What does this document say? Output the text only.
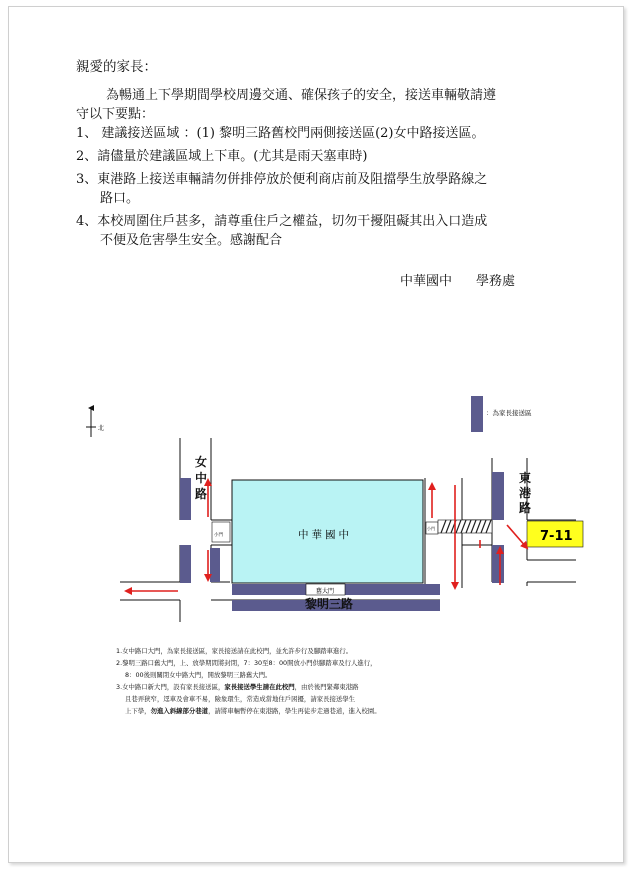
親愛的家長：
為暢通上下學期間學校周邊交通、確保孩子的安全，接送車輛敬請遵
守以下要點：
1、 建議接送區域 ：(1) 黎明三路舊校門兩側接送區(2)女中路接送區。
2、請儘量於建議區域上下車。(尤其是雨天塞車時)
3、東港路上接送車輛請勿併排停放於便利商店前及阻擋學生放學路線之
路口。
4、本校周圍住戶甚多，請尊重住戶之權益，切勿干擾阻礙其出入口造成
不便及危害學生安全。感謝配合
中華國中 學務處
北
：為家長接送區
中華國中
舊大門
小門
小門
7-11
女
中
路
東
港
路
黎明三路
1.女中路口大門，為家長接送區，家長接送請在此校門，並允許步行及腳踏車進行。
2.黎明三路口舊大門，上、放學期間將封閉，7：30至8：00開放小門供腳踏車及行人進行，
8：00後則關閉女中路大門，開放黎明三路舊大門。
3.女中路口新大門，設有家長接送區，家長接送學生請在此校門，由於後門緊鄰東港路
且巷弄狹窄，逕車及會車不易，險象環生，常造成當地住戶困擾，請家長接送學生
上下學，勿進入斜線部分巷道，請將車輛暫停在東港路，學生再徒步走過巷道，進入校園。
